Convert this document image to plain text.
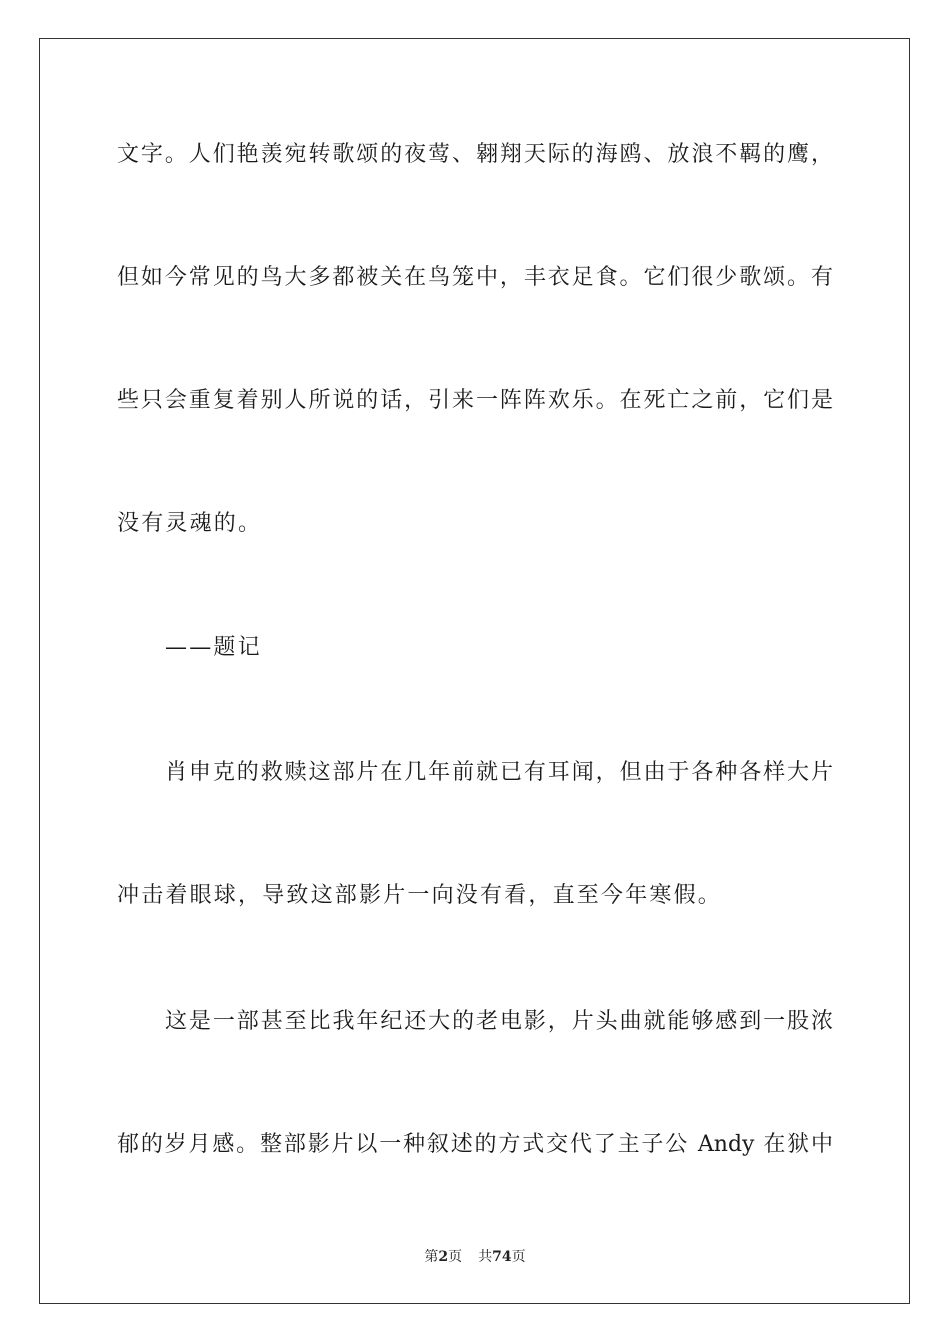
文字。人们艳羡宛转歌颂的夜莺、翱翔天际的海鸥、放浪不羁的鹰，
但如今常见的鸟大多都被关在鸟笼中，丰衣足食。它们很少歌颂。有
些只会重复着别人所说的话，引来一阵阵欢乐。在死亡之前，它们是
没有灵魂的。
——题记
肖申克的救赎这部片在几年前就已有耳闻，但由于各种各样大片
冲击着眼球，导致这部影片一向没有看，直至今年寒假。
这是一部甚至比我年纪还大的老电影，片头曲就能够感到一股浓
郁的岁月感。整部影片以一种叙述的方式交代了主子公 Andy 在狱中
第2页 共74页
